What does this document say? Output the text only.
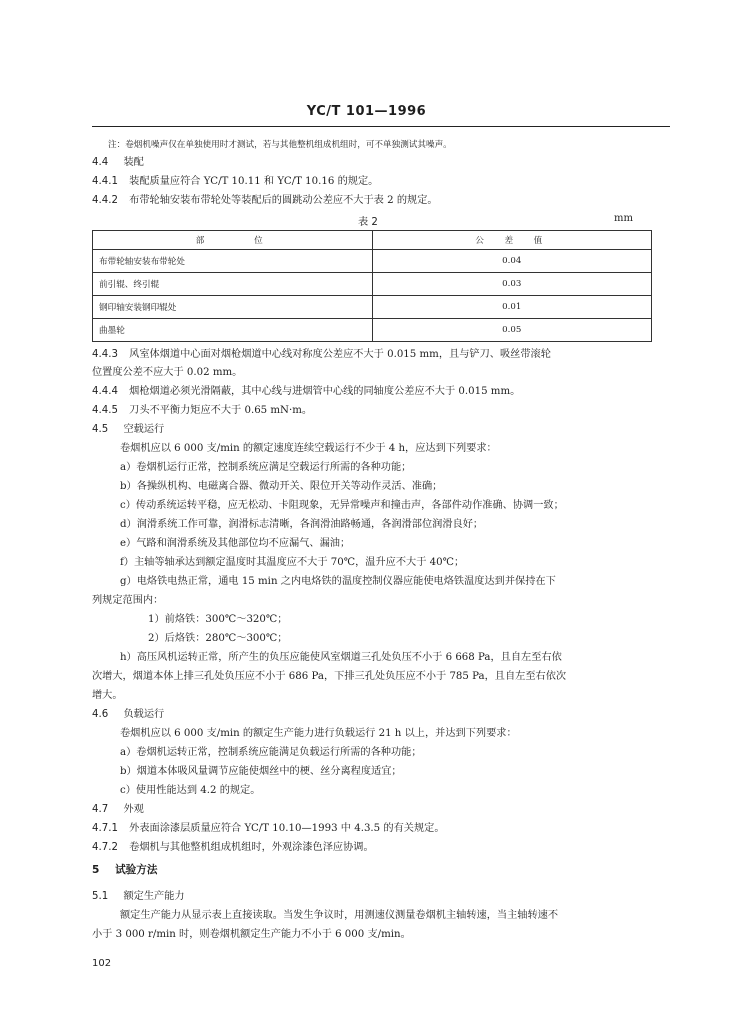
YC/T 101—1996
注：卷烟机噪声仅在单独使用时才测试，若与其他整机组成机组时，可不单独测试其噪声。
4.4 装配
4.4.1 装配质量应符合 YC/T 10.11 和 YC/T 10.16 的规定。
4.4.2 布带轮轴安装布带轮处等装配后的圆跳动公差应不大于表 2 的规定。
表 2	mm
部　　　位	公　差　值
布带轮轴安装布带轮处	0.04
前引辊、终引辊	0.03
钢印轴安装钢印辊处	0.01
曲墨轮	0.05
4.4.3 风室体烟道中心面对烟枪烟道中心线对称度公差应不大于 0.015 mm，且与铲刀、吸丝带滚轮
位置度公差不应大于 0.02 mm。
4.4.4 烟枪烟道必须光滑隔蔽，其中心线与进烟管中心线的同轴度公差应不大于 0.015 mm。
4.4.5 刀头不平衡力矩应不大于 0.65 mN·m。
4.5 空载运行
卷烟机应以 6 000 支/min 的额定速度连续空载运行不少于 4 h，应达到下列要求：
a）卷烟机运行正常，控制系统应满足空载运行所需的各种功能；
b）各操纵机构、电磁离合器、微动开关、限位开关等动作灵活、准确；
c）传动系统运转平稳，应无松动、卡阻现象，无异常噪声和撞击声，各部件动作准确、协调一致；
d）润滑系统工作可靠，润滑标志清晰，各润滑油路畅通，各润滑部位润滑良好；
e）气路和润滑系统及其他部位均不应漏气、漏油；
f）主轴等轴承达到额定温度时其温度应不大于 70℃，温升应不大于 40℃；
g）电烙铁电热正常，通电 15 min 之内电烙铁的温度控制仪器应能使电烙铁温度达到并保持在下
列规定范围内：
1）前烙铁：300℃～320℃；
2）后烙铁：280℃～300℃；
h）高压风机运转正常，所产生的负压应能使风室烟道三孔处负压不小于 6 668 Pa，且自左至右依
次增大，烟道本体上排三孔处负压应不小于 686 Pa，下排三孔处负压应不小于 785 Pa，且自左至右依次
增大。
4.6 负载运行
卷烟机应以 6 000 支/min 的额定生产能力进行负载运行 21 h 以上，并达到下列要求：
a）卷烟机运转正常，控制系统应能满足负载运行所需的各种功能；
b）烟道本体吸风量调节应能使烟丝中的梗、丝分离程度适宜；
c）使用性能达到 4.2 的规定。
4.7 外观
4.7.1 外表面涂漆层质量应符合 YC/T 10.10—1993 中 4.3.5 的有关规定。
4.7.2 卷烟机与其他整机组成机组时，外观涂漆色泽应协调。
5 试验方法
5.1 额定生产能力
额定生产能力从显示表上直接读取。当发生争议时，用测速仪测量卷烟机主轴转速，当主轴转速不
小于 3 000 r/min 时，则卷烟机额定生产能力不小于 6 000 支/min。
102
